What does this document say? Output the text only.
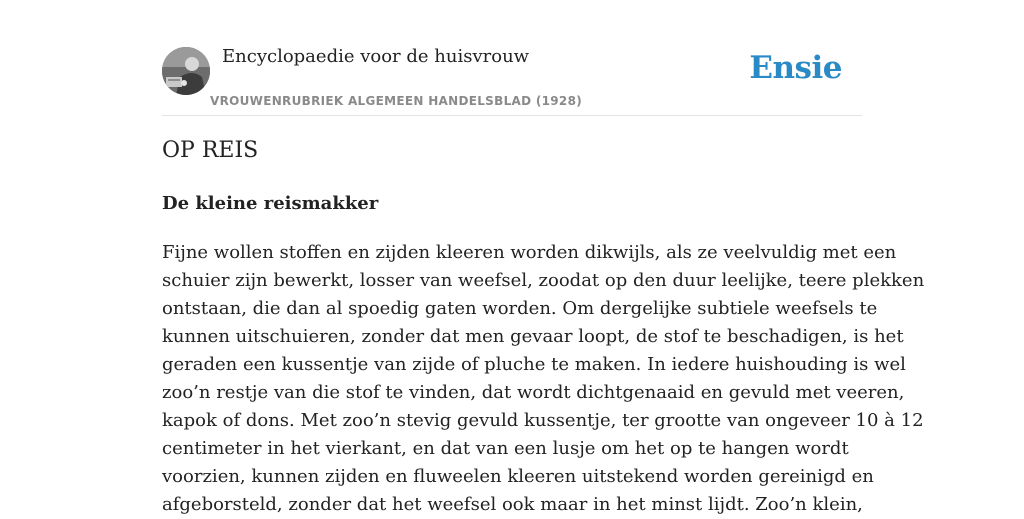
Encyclopaedie voor de huisvrouw
VROUWENRUBRIEK ALGEMEEN HANDELSBLAD (1928)
Ensie
OP REIS
De kleine reismakker

Fijne wollen stoffen en zijden kleeren worden dikwijls, als ze veelvuldig met een
schuier zijn bewerkt, losser van weefsel, zoodat op den duur leelijke, teere plekken
ontstaan, die dan al spoedig gaten worden. Om dergelijke subtiele weefsels te
kunnen uitschuieren, zonder dat men gevaar loopt, de stof te beschadigen, is het
geraden een kussentje van zijde of pluche te maken. In iedere huishouding is wel
zoo’n restje van die stof te vinden, dat wordt dichtgenaaid en gevuld met veeren,
kapok of dons. Met zoo’n stevig gevuld kussentje, ter grootte van ongeveer 10 à 12
centimeter in het vierkant, en dat van een lusje om het op te hangen wordt
voorzien, kunnen zijden en fluweelen kleeren uitstekend worden gereinigd en
afgeborsteld, zonder dat het weefsel ook maar in het minst lijdt. Zoo’n klein,
